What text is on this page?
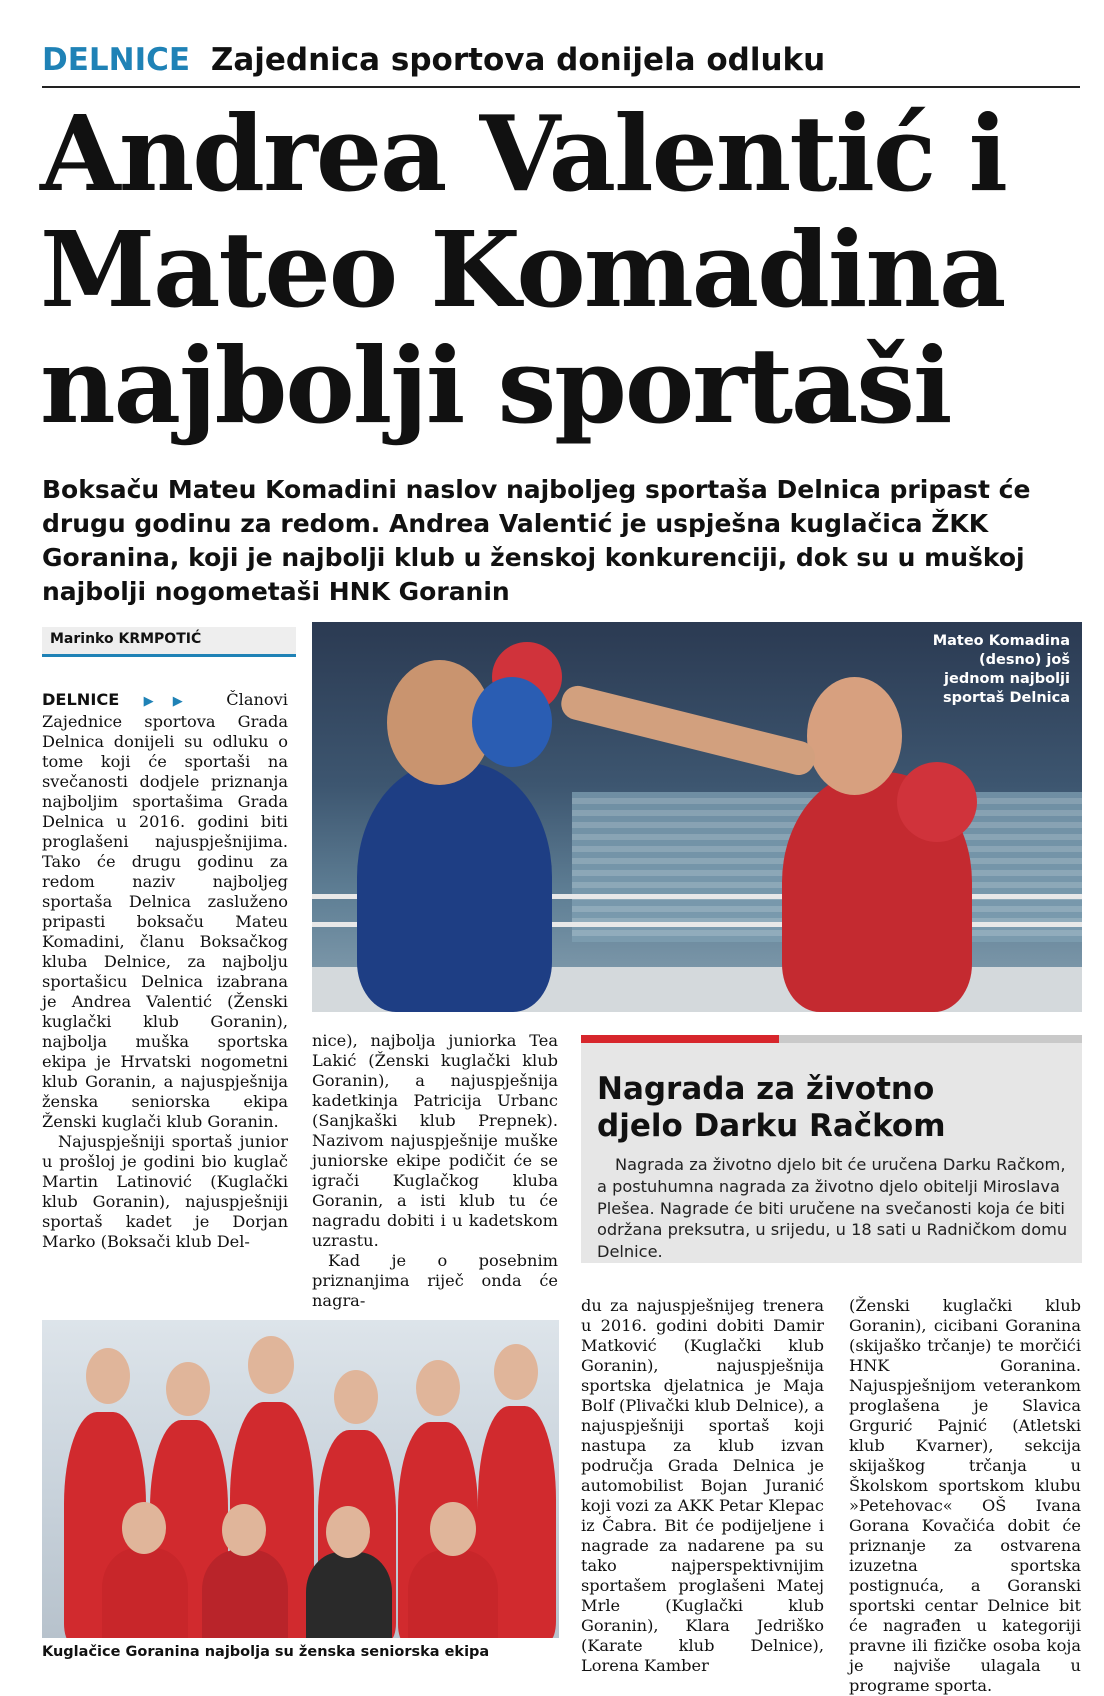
DELNICE Zajednica sportova donijela odluku
Andrea Valentić i
Mateo Komadina
najbolji sportaši

Boksaču Mateu Komadini naslov najboljeg sportaša Delnica pripast će drugu godinu za redom. Andrea Valentić je uspješna kuglačica ŽKK Goranina, koji je najbolji klub u ženskoj konkurenciji, dok su u muškoj najbolji nogometaši HNK Goranin

Marinko KRMPOTIĆ

DELNICE ▶▶ Članovi Zajednice sportova Grada Delnica donijeli su odluku o tome koji će sportaši na svečanosti dodjele priznanja najboljim sportašima Grada Delnica u 2016. godini biti proglašeni najuspješnijima. Tako će drugu godinu za redom naziv najboljeg sportaša Delnica zasluženo pripasti boksaču Mateu Komadini, članu Boksačkog kluba Delnice, za najbolju sportašicu Delnica izabrana je Andrea Valentić (Ženski kuglački klub Goranin), najbolja muška sportska ekipa je Hrvatski nogometni klub Goranin, a najuspješnija ženska seniorska ekipa Ženski kuglači klub Goranin.

Najuspješniji sportaš junior u prošloj je godini bio kuglač Martin Latinović (Kuglački klub Goranin), najuspješniji sportaš kadet je Dorjan Marko (Boksači klub Del-

nice), najbolja juniorka Tea Lakić (Ženski kuglački klub Goranin), a najuspješnija kadetkinja Patricija Urbanc (Sanjkaški klub Prepnek). Nazivom najuspješnije muške juniorske ekipe podičit će se igrači Kuglačkog kluba Goranin, a isti klub tu će nagradu dobiti i u kadetskom uzrastu.

Kad je o posebnim priznanjima riječ onda će nagra-	du za najuspješnijeg trenera u 2016. godini dobiti Damir Matković (Kuglački klub Goranin), najuspješnija sportska djelatnica je Maja Bolf (Plivački klub Delnice), a najuspješniji sportaš koji nastupa za klub izvan područja Grada Delnica je automobilist Bojan Juranić koji vozi za AKK Petar Klepac iz Čabra. Bit će podijeljene i nagrade za nadarene pa su tako najperspektivnijim sportašem proglašeni Matej Mrle (Kuglački klub Goranin), Klara Jedriško (Karate klub Delnice), Lorena Kamber

(Ženski kuglački klub Goranin), cicibani Goranina (skijaško trčanje) te morčići HNK Goranina. Najuspješnijom veterankom proglašena je Slavica Grgurić Pajnić (Atletski klub Kvarner), sekcija skijaškog trčanja u Školskom sportskom klubu »Petehovac« OŠ Ivana Gorana Kovačića dobit će priznanje za ostvarena izuzetna sportska postignuća, a Goranski sportski centar Delnice bit će nagrađen u kategoriji pravne ili fizičke osoba koja je najviše ulagala u programe sporta.

Mateo Komadina (desno) još jednom najbolji sportaš Delnica
Nagrada za životno
djelo Darku Račkom

Nagrada za životno djelo bit će uručena Darku Račkom, a postuhumna nagrada za životno djelo obitelji Miroslava Plešea. Nagrade će biti uručene na svečanosti koja će biti održana preksutra, u srijedu, u 18 sati u Radničkom domu Delnice.

Kuglačice Goranina najbolja su ženska seniorska ekipa
